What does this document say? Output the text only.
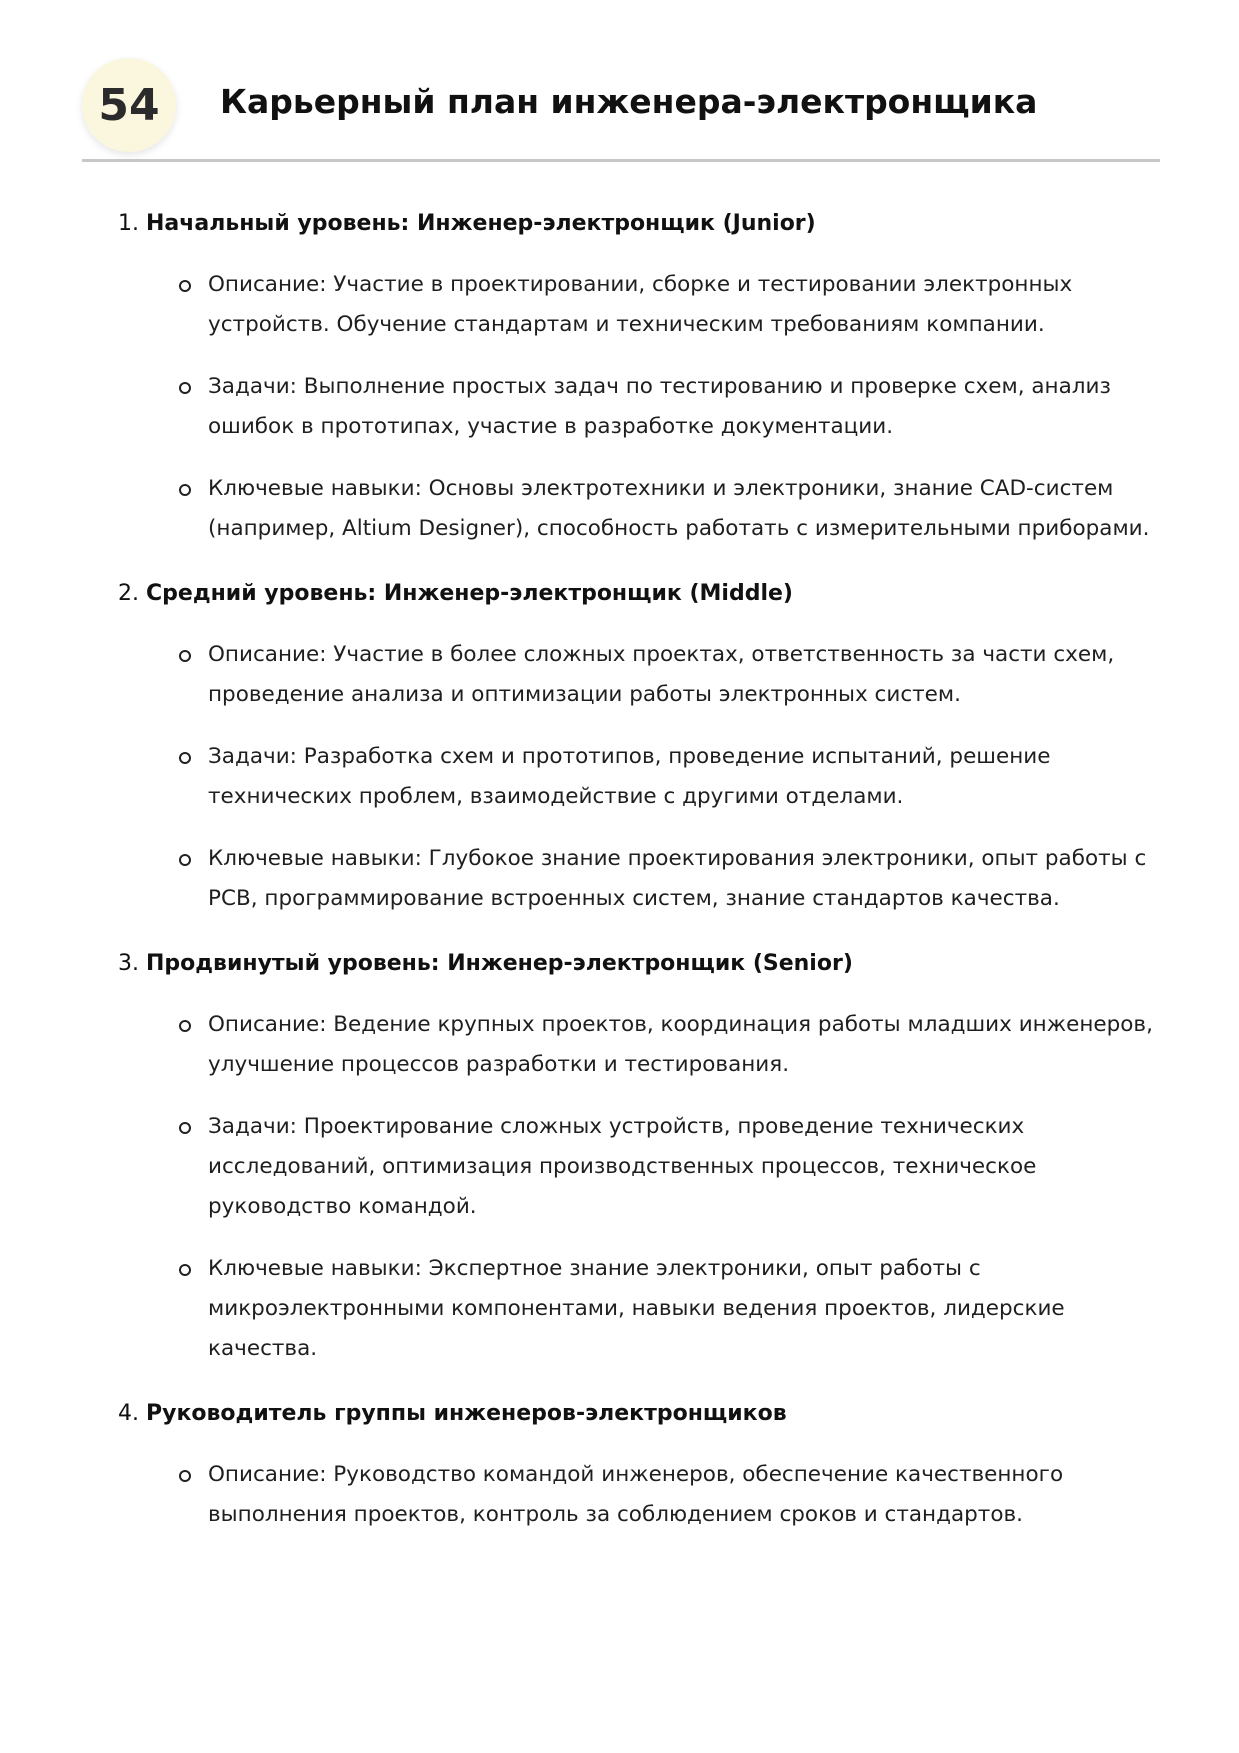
54	Карьерный план инженера-электронщика
1. Начальный уровень: Инженер-электронщик (Junior)
Описание: Участие в проектировании, сборке и тестировании электронных устройств. Обучение стандартам и техническим требованиям компании.
Задачи: Выполнение простых задач по тестированию и проверке схем, анализ ошибок в прототипах, участие в разработке документации.
Ключевые навыки: Основы электротехники и электроники, знание CAD-систем (например, Altium Designer), способность работать с измерительными приборами.
2. Средний уровень: Инженер-электронщик (Middle)
Описание: Участие в более сложных проектах, ответственность за части схем, проведение анализа и оптимизации работы электронных систем.
Задачи: Разработка схем и прототипов, проведение испытаний, решение технических проблем, взаимодействие с другими отделами.
Ключевые навыки: Глубокое знание проектирования электроники, опыт работы с PCB, программирование встроенных систем, знание стандартов качества.
3. Продвинутый уровень: Инженер-электронщик (Senior)
Описание: Ведение крупных проектов, координация работы младших инженеров, улучшение процессов разработки и тестирования.
Задачи: Проектирование сложных устройств, проведение технических исследований, оптимизация производственных процессов, техническое руководство командой.
Ключевые навыки: Экспертное знание электроники, опыт работы с микроэлектронными компонентами, навыки ведения проектов, лидерские качества.
4. Руководитель группы инженеров-электронщиков
Описание: Руководство командой инженеров, обеспечение качественного выполнения проектов, контроль за соблюдением сроков и стандартов.
